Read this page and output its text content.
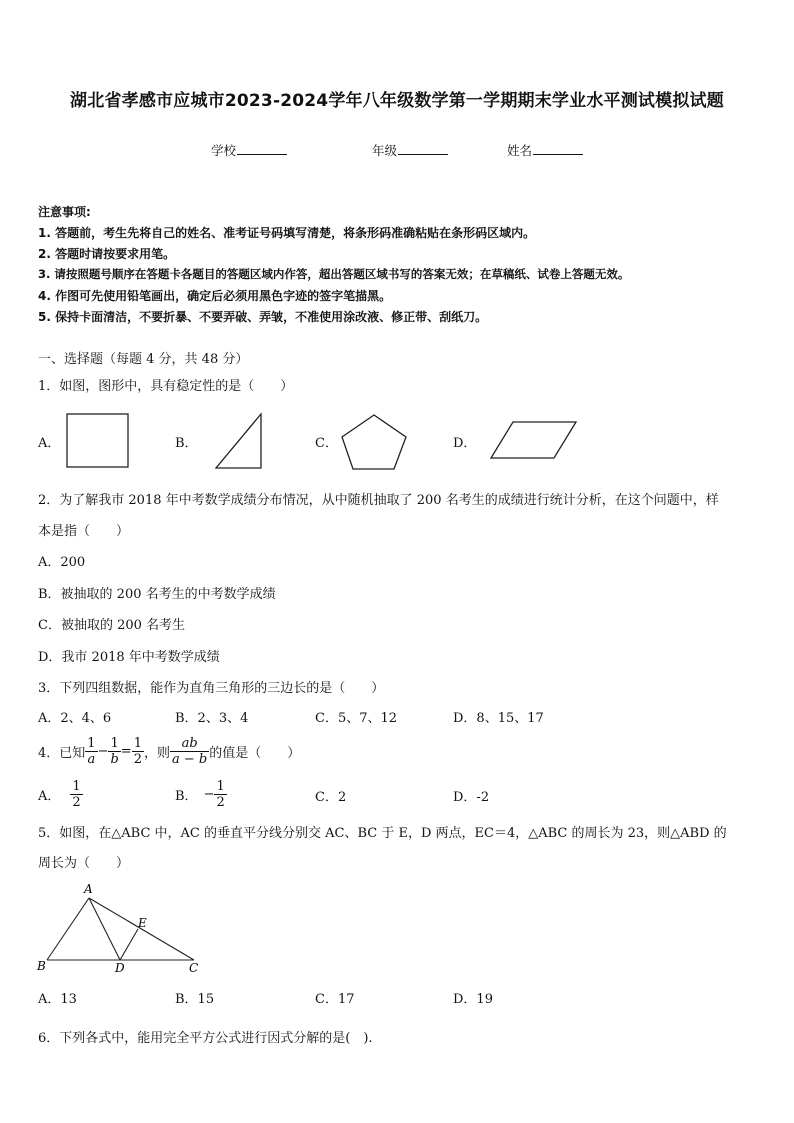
湖北省孝感市应城市2023-2024学年八年级数学第一学期期末学业水平测试模拟试题
学校	年级	姓名
注意事项:
1. 答题前，考生先将自己的姓名、准考证号码填写清楚，将条形码准确粘贴在条形码区域内。
2. 答题时请按要求用笔。
3. 请按照题号顺序在答题卡各题目的答题区域内作答，超出答题区域书写的答案无效；在草稿纸、试卷上答题无效。
4. 作图可先使用铅笔画出，确定后必须用黑色字迹的签字笔描黑。
5. 保持卡面清洁，不要折暴、不要弄破、弄皱，不准使用涂改液、修正带、刮纸刀。
一、选择题（每题 4 分，共 48 分）
1．如图，图形中，具有稳定性的是（　　）
A．	B．	C．	D．
2．为了解我市 2018 年中考数学成绩分布情况，从中随机抽取了 200 名考生的成绩进行统计分析，在这个问题中，样
本是指（　　）
A．200
B．被抽取的 200 名考生的中考数学成绩
C．被抽取的 200 名考生
D．我市 2018 年中考数学成绩
3．下列四组数据，能作为直角三角形的三边长的是（　　）
A．2、4、6	B．2、3、4	C．5、7、12	D．8、15、17
4．已知 $\frac{1}{a} - \frac{1}{b} = \frac{1}{2}$ ，则 $\frac{ab}{a - b}$ 的值是（　　）
A． $\frac{1}{2}$	B． − $\frac{1}{2}$	C．2	D．-2
5．如图，在△ABC 中，AC 的垂直平分线分别交 AC、BC 于 E，D 两点，EC＝4，△ABC 的周长为 23，则△ABD 的
周长为（　　）
A
B	D	C
E
A．13	B．15	C．17	D．19
6．下列各式中，能用完全平方公式进行因式分解的是(　).　
